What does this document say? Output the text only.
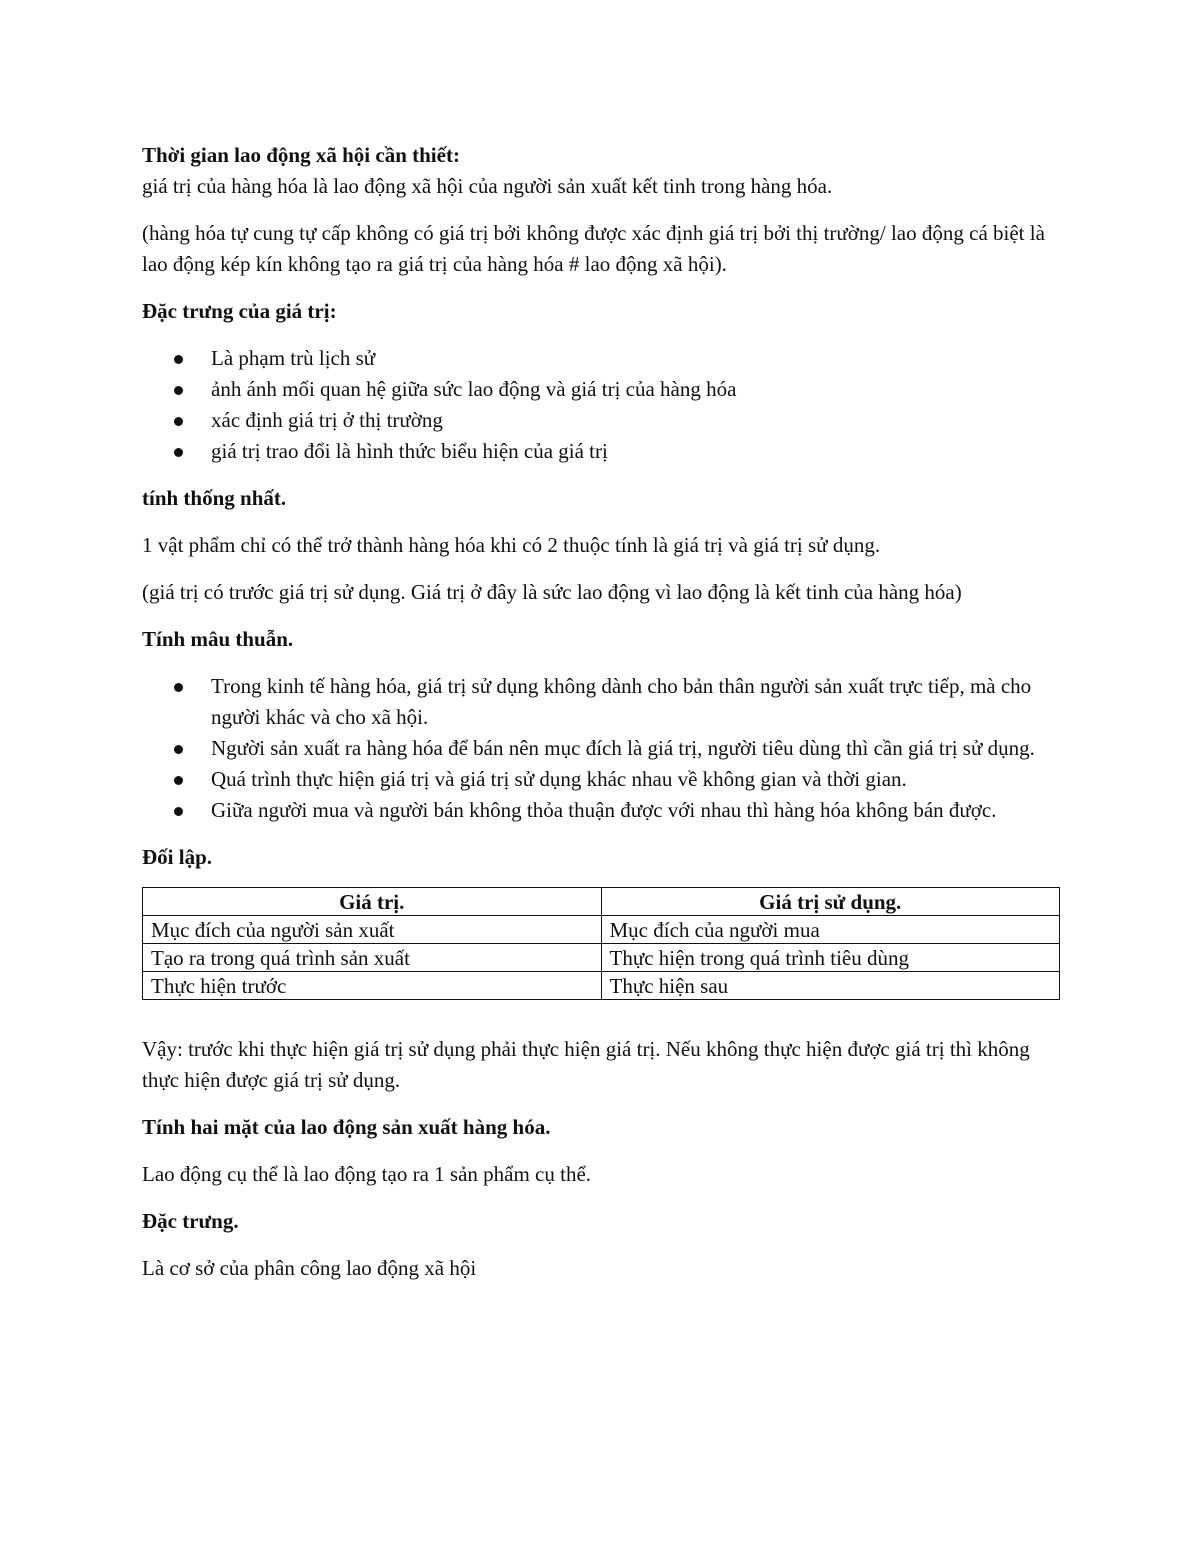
Thời gian lao động xã hội cần thiết:

giá trị của hàng hóa là lao động xã hội của người sản xuất kết tinh trong hàng hóa.

(hàng hóa tự cung tự cấp không có giá trị bởi không được xác định giá trị bởi thị trường/ lao động cá biệt là lao động kép kín không tạo ra giá trị của hàng hóa # lao động xã hội).

Đặc trưng của giá trị:

Là phạm trù lịch sử
ảnh ánh mối quan hệ giữa sức lao động và giá trị của hàng hóa
xác định giá trị ở thị trường
giá trị trao đổi là hình thức biểu hiện của giá trị

tính thống nhất.

1 vật phẩm chỉ có thể trở thành hàng hóa khi có 2 thuộc tính là giá trị và giá trị sử dụng.

(giá trị có trước giá trị sử dụng. Giá trị ở đây là sức lao động vì lao động là kết tinh của hàng hóa)

Tính mâu thuẫn.

Trong kinh tế hàng hóa, giá trị sử dụng không dành cho bản thân người sản xuất trực tiếp, mà cho người khác và cho xã hội.
Người sản xuất ra hàng hóa để bán nên mục đích là giá trị, người tiêu dùng thì cần giá trị sử dụng.
Quá trình thực hiện giá trị và giá trị sử dụng khác nhau về không gian và thời gian.
Giữa người mua và người bán không thỏa thuận được với nhau thì hàng hóa không bán được.

Đối lập.

Giá trị.	Giá trị sử dụng.
Mục đích của người sản xuất	Mục đích của người mua
Tạo ra trong quá trình sản xuất	Thực hiện trong quá trình tiêu dùng
Thực hiện trước	Thực hiện sau

Vậy: trước khi thực hiện giá trị sử dụng phải thực hiện giá trị. Nếu không thực hiện được giá trị thì không thực hiện được giá trị sử dụng.

Tính hai mặt của lao động sản xuất hàng hóa.

Lao động cụ thể là lao động tạo ra 1 sản phẩm cụ thể.

Đặc trưng.

Là cơ sở của phân công lao động xã hội
